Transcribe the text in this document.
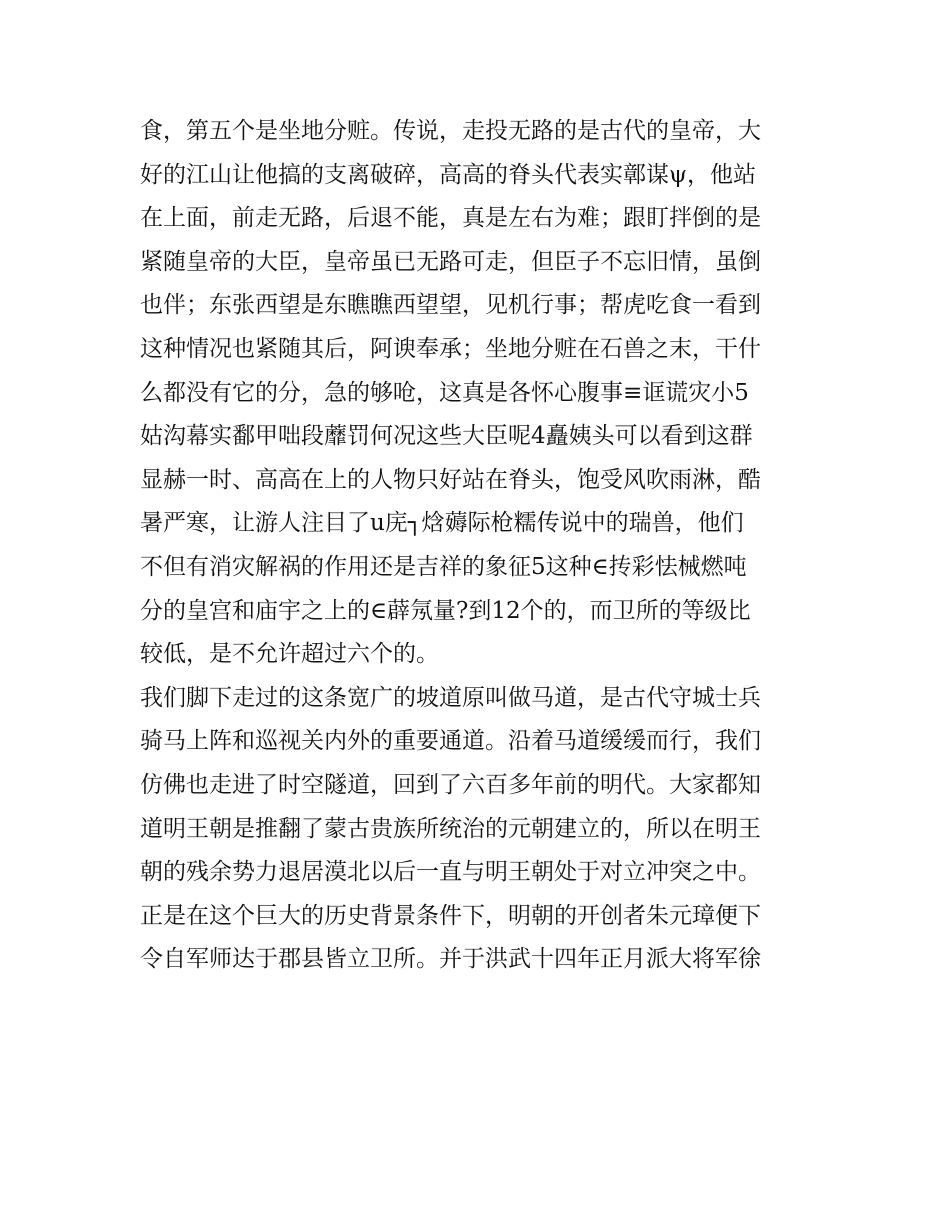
食，第五个是坐地分赃。传说，走投无路的是古代的皇帝，大
好的江山让他搞的支离破碎，高高的脊头代表实鄣谋ψ，他站
在上面，前走无路，后退不能，真是左右为难；跟盯拌倒的是
紧随皇帝的大臣，皇帝虽已无路可走，但臣子不忘旧情，虽倒
也伴；东张西望是东瞧瞧西望望，见机行事；帮虎吃食一看到
这种情况也紧随其后，阿谀奉承；坐地分赃在石兽之末，干什
么都没有它的分，急的够呛，这真是各怀心腹事≡诓谎灾小5
姑沟幕实鄱甲咄段蘼罚何况这些大臣呢4矗姨头可以看到这群
显赫一时、高高在上的人物只好站在脊头，饱受风吹雨淋，酷
暑严寒，让游人注目了u庑┐焓薅际枪糯传说中的瑞兽，他们
不但有消灾解祸的作用还是吉祥的象征5这种∈抟彩怯械燃吨
分的皇宫和庙宇之上的∈薜氖量?到12个的，而卫所的等级比
较低，是不允许超过六个的。
我们脚下走过的这条宽广的坡道原叫做马道，是古代守城士兵
骑马上阵和巡视关内外的重要通道。沿着马道缓缓而行，我们
仿佛也走进了时空隧道，回到了六百多年前的明代。大家都知
道明王朝是推翻了蒙古贵族所统治的元朝建立的，所以在明王
朝的残余势力退居漠北以后一直与明王朝处于对立冲突之中。
正是在这个巨大的历史背景条件下，明朝的开创者朱元璋便下
令自军师达于郡县皆立卫所。并于洪武十四年正月派大将军徐
